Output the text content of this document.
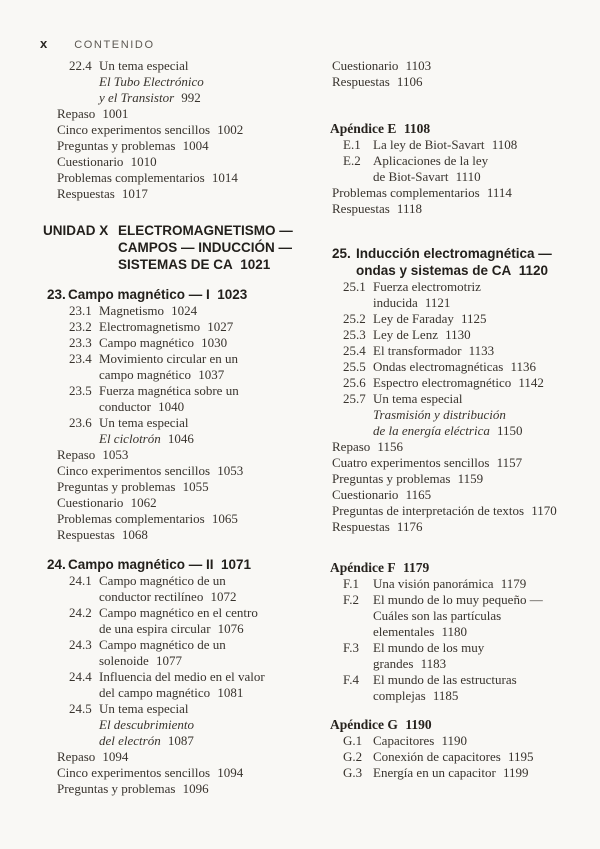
x CONTENIDO
22.4 Un tema especial
El Tubo Electrónico
y el Transistor 992
Repaso 1001
Cinco experimentos sencillos 1002
Preguntas y problemas 1004
Cuestionario 1010
Problemas complementarios 1014
Respuestas 1017
UNIDAD X ELECTROMAGNETISMO —
CAMPOS — INDUCCIÓN —
SISTEMAS DE CA 1021
23. Campo magnético — I 1023
23.1 Magnetismo 1024
23.2 Electromagnetismo 1027
23.3 Campo magnético 1030
23.4 Movimiento circular en un
campo magnético 1037
23.5 Fuerza magnética sobre un
conductor 1040
23.6 Un tema especial
El ciclotrón 1046
Repaso 1053
Cinco experimentos sencillos 1053
Preguntas y problemas 1055
Cuestionario 1062
Problemas complementarios 1065
Respuestas 1068
24. Campo magnético — II 1071
24.1 Campo magnético de un
conductor rectilíneo 1072
24.2 Campo magnético en el centro
de una espira circular 1076
24.3 Campo magnético de un
solenoide 1077
24.4 Influencia del medio en el valor
del campo magnético 1081
24.5 Un tema especial
El descubrimiento
del electrón 1087
Repaso 1094
Cinco experimentos sencillos 1094
Preguntas y problemas 1096
Cuestionario 1103
Respuestas 1106
Apéndice E 1108
E.1 La ley de Biot-Savart 1108
E.2 Aplicaciones de la ley
de Biot-Savart 1110
Problemas complementarios 1114
Respuestas 1118
25. Inducción electromagnética —
ondas y sistemas de CA 1120
25.1 Fuerza electromotriz
inducida 1121
25.2 Ley de Faraday 1125
25.3 Ley de Lenz 1130
25.4 El transformador 1133
25.5 Ondas electromagnéticas 1136
25.6 Espectro electromagnético 1142
25.7 Un tema especial
Trasmisión y distribución
de la energía eléctrica 1150
Repaso 1156
Cuatro experimentos sencillos 1157
Preguntas y problemas 1159
Cuestionario 1165
Preguntas de interpretación de textos 1170
Respuestas 1176
Apéndice F 1179
F.1 Una visión panorámica 1179
F.2 El mundo de lo muy pequeño —
Cuáles son las partículas
elementales 1180
F.3 El mundo de los muy
grandes 1183
F.4 El mundo de las estructuras
complejas 1185
Apéndice G 1190
G.1 Capacitores 1190
G.2 Conexión de capacitores 1195
G.3 Energía en un capacitor 1199
